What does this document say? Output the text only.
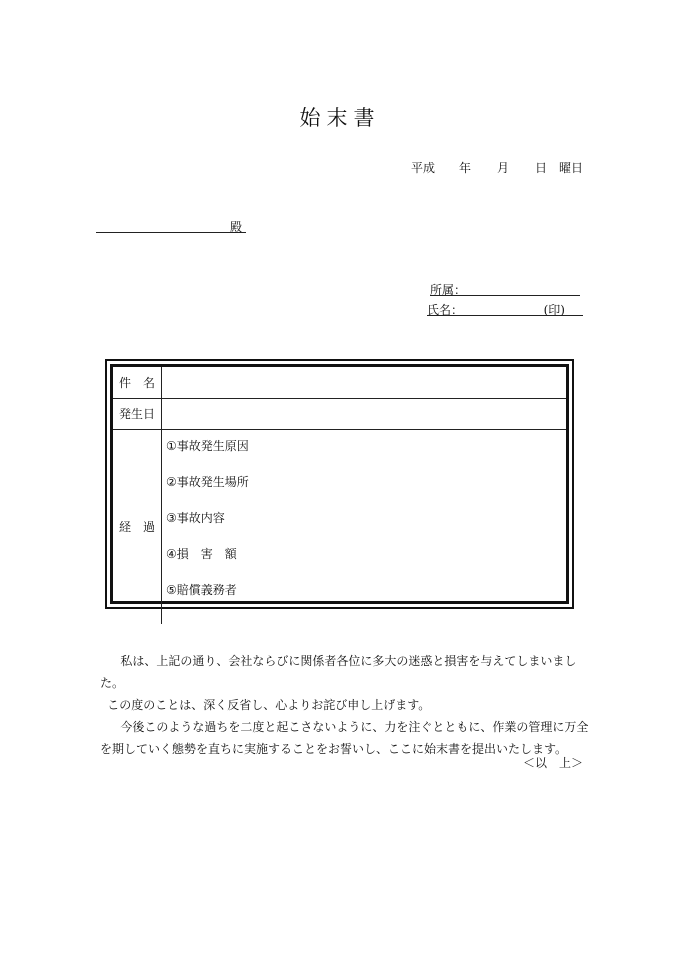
始末書
平成	年	月	日 曜日
殿
所属：
氏名：	(印)
件　名	
発生日	
経　過	①事故発生原因
②事故発生場所
③事故内容
④損　害　額
⑤賠償義務者

私は、上記の通り、会社ならびに関係者各位に多大の迷惑と損害を与えてしまいました。

この度のことは、深く反省し、心よりお詫び申し上げます。

今後このような過ちを二度と起こさないように、力を注ぐとともに、作業の管理に万全を期していく態勢を直ちに実施することをお誓いし、ここに始末書を提出いたします。

＜以　上＞
